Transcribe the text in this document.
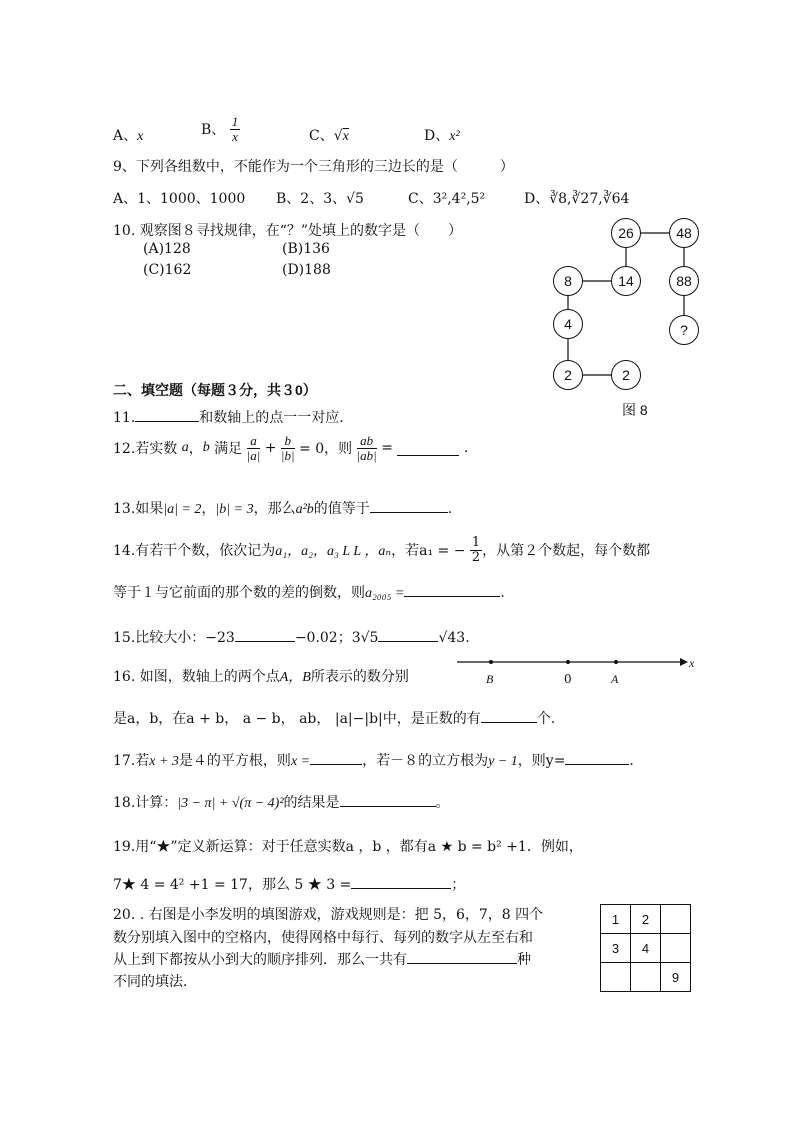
A、x	B、 $\frac{1}{x}$	C、√x	D、x²
9、下列各组数中，不能作为一个三角形的三边长的是（　　　）
A、1、1000、1000 B、2、3、√5	C、3²,4²,5²	D、∛8,∛27,∛64
10. 观察图８寻找规律，在“？”处填上的数字是（　　）
(A)128	(B)136
(C)162	(D)188
26	48
8	14	88
4	?
2	2
图 8
二、填空题（每题３分，共３0）
11.	和数轴上的点一一对应.
12.若实数 a，b 满足 $\frac{a}{|a|} + \frac{b}{|b|} = 0$，则 $\frac{ab}{|ab|}$ =	.
13.如果|a| = 2，|b| = 3，那么a²b的值等于	.
14.有若干个数，依次记为a₁，a₂，a₃ L L ，aₙ，若a₁ = − $\frac{1}{2}$ ，从第２个数起，每个数都
等于１与它前面的那个数的差的倒数，则a₂₀₀₅ =	.
15.比较大小：−23	−0.02；3√5	√43.
16. 如图，数轴上的两个点A，B所表示的数分别
x
B	0	A
是a，b，在a + b， a − b， ab， |a|−|b|中，是正数的有	个.
17.若x + 3是４的平方根，则x =	，若－８的立方根为y − 1，则y=	.
18.计算：|3 − π| + √(π − 4)²的结果是	。
19.用“★”定义新运算：对于任意实数a ，b ，都有a ★ b = b² +1．例如，
7★ 4 = 4² +1 = 17，那么 5 ★ 3 =	；
20. . 右图是小李发明的填图游戏，游戏规则是：把 5，6，7，8 四个
数分别填入图中的空格内，使得网格中每行、每列的数字从左至右和
从上到下都按从小到大的顺序排列．那么一共有	种
不同的填法．
1	2	
3	4	
		9
